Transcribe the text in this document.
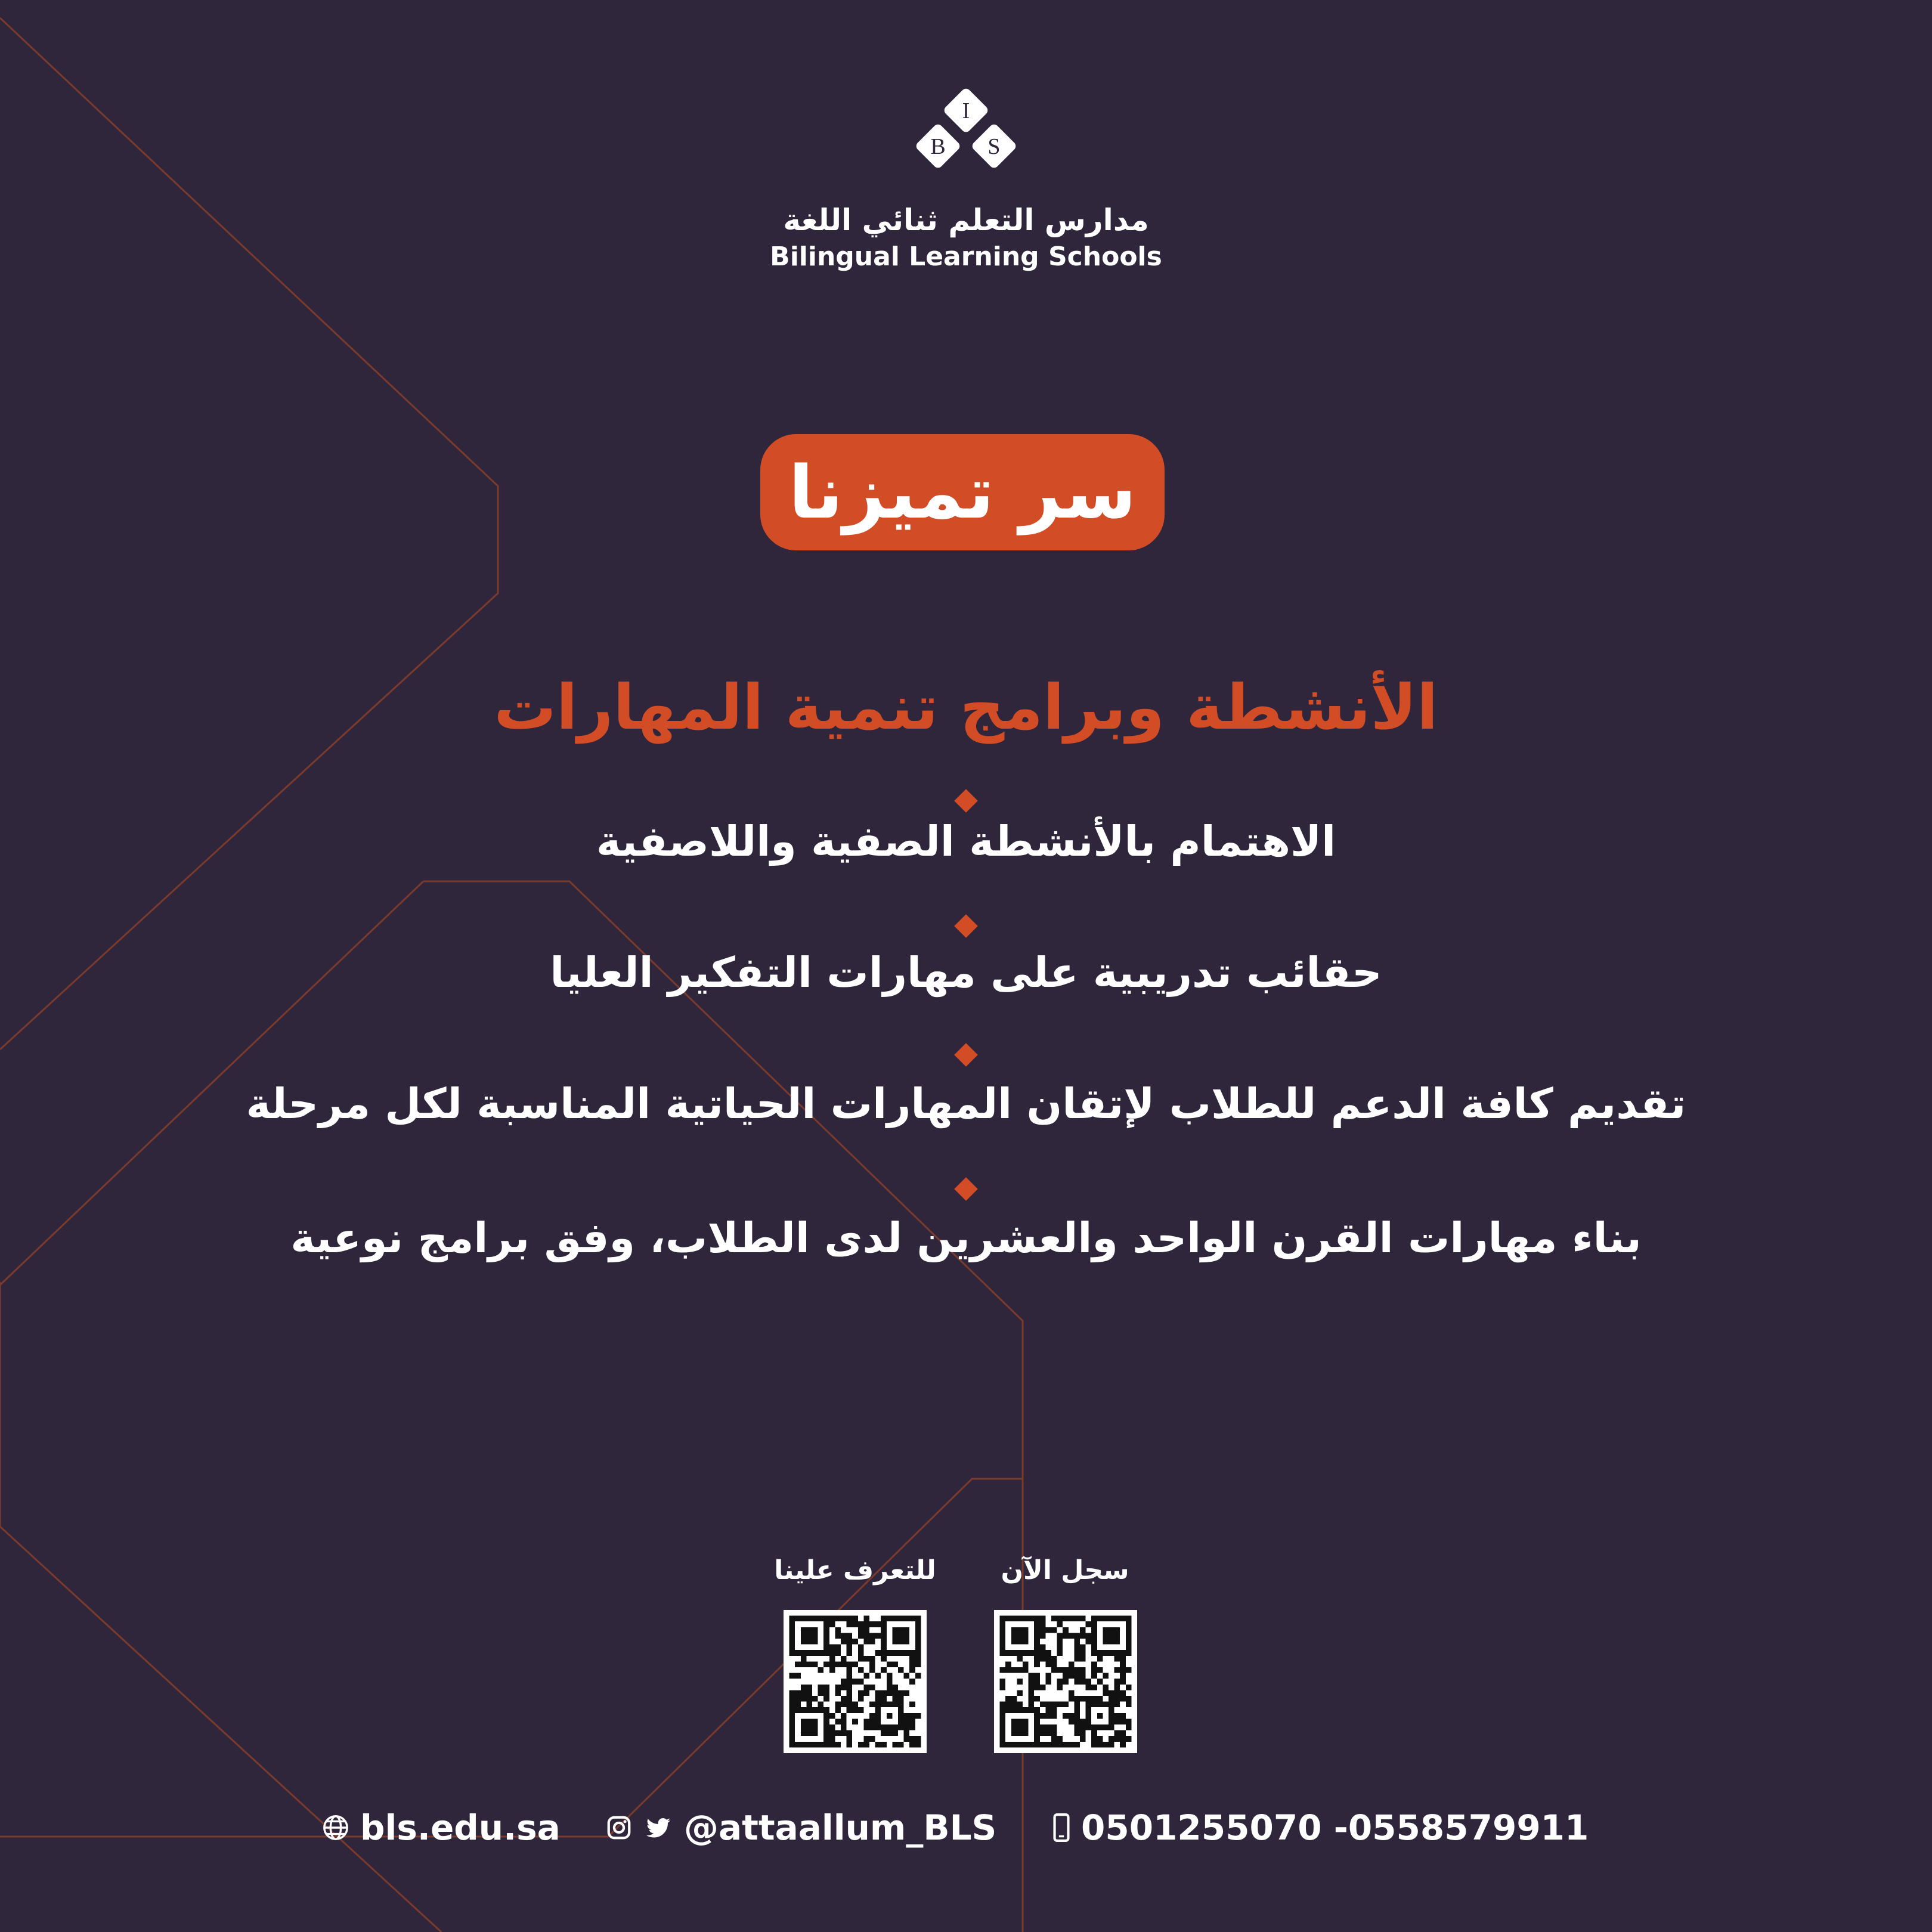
I
B S
مدارس التعلم ثنائي اللغة
Bilingual Learning Schools
سر تميزنا
الأنشطة وبرامج تنمية المهارات
الاهتمام بالأنشطة الصفية واللاصفية
حقائب تدريبية على مهارات التفكير العليا
تقديم كافة الدعم للطلاب لإتقان المهارات الحياتية المناسبة لكل مرحلة
بناء مهارات القرن الواحد والعشرين لدى الطلاب، وفق برامج نوعية
سجل الآن
للتعرف علينا
bls.edu.sa	@attaallum_BLS 0501255070 -0558579911
